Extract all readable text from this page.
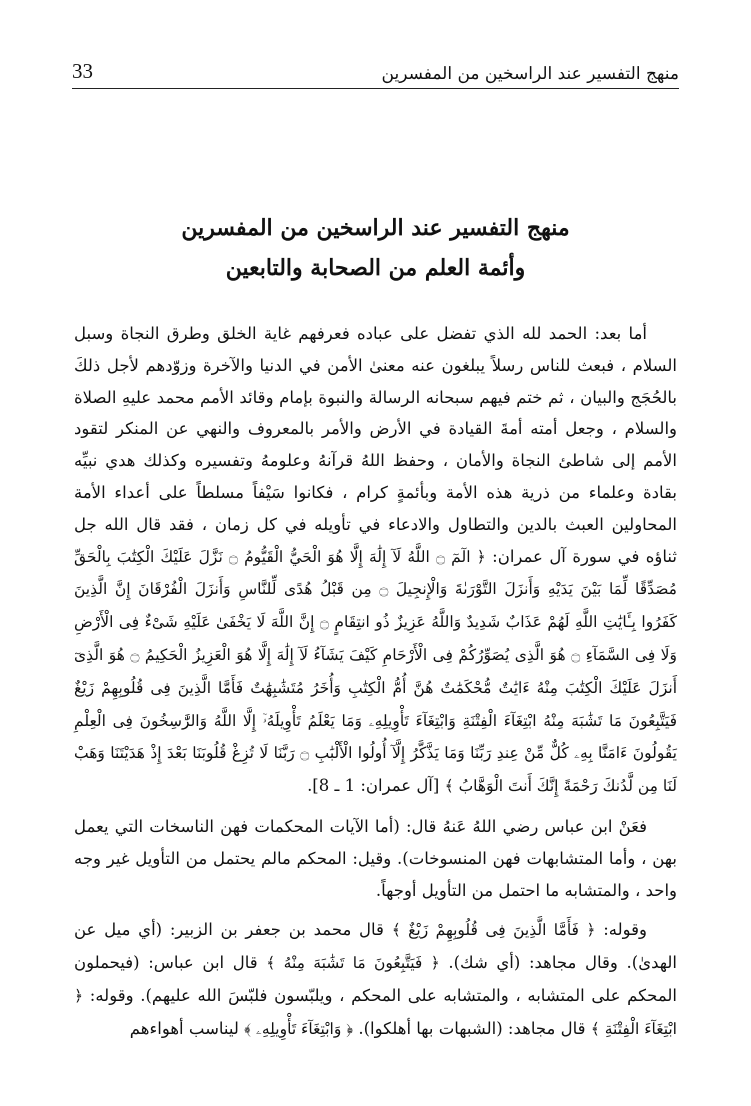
33	منهج التفسير عند الراسخين من المفسرين
منهج التفسير عند الراسخين من المفسرين
وأئمة العلم من الصحابة والتابعين

أما بعد: الحمد لله الذي تفضل على عباده فعرفهم غاية الخلق وطرق النجاة وسبل السلام ، فبعث للناس رسلاً يبلغون عنه معنىٰ الأمن في الدنيا والآخرة وزوّدهم لأجل ذلكَ بالحُجَج والبيان ، ثم ختم فيهم سبحانه الرسالة والنبوة بإمام وقائد الأمم محمد عليهِ الصلاة والسلام ، وجعل أمته أمةَ القيادة في الأرض والأمر بالمعروف والنهي عن المنكر لتقود الأمم إلى شاطئ النجاة والأمان ، وحفظ اللهُ قرآنهُ وعلومهُ وتفسيره وكذلك هدي نبيِّه بقادة وعلماء من ذرية هذه الأمة وبأئمةٍ كرام ، فكانوا سَيْفاً مسلطاً على أعداء الأمة المحاولين العبث بالدين والتطاول والادعاء في تأويله في كل زمان ، فقد قال الله جل ثناؤه في سورة آل عمران: ﴿ الٓمٓ ۝ اللَّهُ لَآ إِلَٰهَ إِلَّا هُوَ الْحَيُّ الْقَيُّومُ ۝ نَزَّلَ عَلَيْكَ الْكِتَٰبَ بِالْحَقِّ مُصَدِّقًا لِّمَا بَيْنَ يَدَيْهِ وَأَنزَلَ التَّوْرَىٰةَ وَالْإِنجِيلَ ۝ مِن قَبْلُ هُدًى لِّلنَّاسِ وَأَنزَلَ الْفُرْقَانَ إِنَّ الَّذِينَ كَفَرُوا بِـَٔايَٰتِ اللَّهِ لَهُمْ عَذَابٌ شَدِيدٌ وَاللَّهُ عَزِيزٌ ذُو انتِقَامٍ ۝ إِنَّ اللَّهَ لَا يَخْفَىٰ عَلَيْهِ شَىْءٌ فِى الْأَرْضِ وَلَا فِى السَّمَآءِ ۝ هُوَ الَّذِى يُصَوِّرُكُمْ فِى الْأَرْحَامِ كَيْفَ يَشَآءُ لَآ إِلَٰهَ إِلَّا هُوَ الْعَزِيزُ الْحَكِيمُ ۝ هُوَ الَّذِىٓ أَنزَلَ عَلَيْكَ الْكِتَٰبَ مِنْهُ ءَايَٰتٌ مُّحْكَمَٰتٌ هُنَّ أُمُّ الْكِتَٰبِ وَأُخَرُ مُتَشَٰبِهَٰتٌ فَأَمَّا الَّذِينَ فِى قُلُوبِهِمْ زَيْغٌ فَيَتَّبِعُونَ مَا تَشَٰبَهَ مِنْهُ ابْتِغَآءَ الْفِتْنَةِ وَابْتِغَآءَ تَأْوِيلِهِۦ وَمَا يَعْلَمُ تَأْوِيلَهُۥٓ إِلَّا اللَّهُ وَالرَّٰسِخُونَ فِى الْعِلْمِ يَقُولُونَ ءَامَنَّا بِهِۦ كُلٌّ مِّنْ عِندِ رَبِّنَا وَمَا يَذَّكَّرُ إِلَّآ أُولُوا الْأَلْبَٰبِ ۝ رَبَّنَا لَا تُزِغْ قُلُوبَنَا بَعْدَ إِذْ هَدَيْتَنَا وَهَبْ لَنَا مِن لَّدُنكَ رَحْمَةً إِنَّكَ أَنتَ الْوَهَّابُ ﴾ [آل عمران: 1 ـ 8].

فعَنْ ابن عباس رضي اللهُ عَنهُ قال: (أما الآيات المحكمات فهن الناسخات التي يعمل بهن ، وأما المتشابهات فهن المنسوخات). وقيل: المحكم مالم يحتمل من التأويل غير وجه واحد ، والمتشابه ما احتمل من التأويل أوجهاً.

وقوله: ﴿ فَأَمَّا الَّذِينَ فِى قُلُوبِهِمْ زَيْغٌ ﴾ قال محمد بن جعفر بن الزبير: (أي ميل عن الهدىٰ). وقال مجاهد: (أي شك). ﴿ فَيَتَّبِعُونَ مَا تَشَٰبَهَ مِنْهُ ﴾ قال ابن عباس: (فيحملون المحكم على المتشابه ، والمتشابه على المحكم ، ويلبّسون فلبّسَ الله عليهم). وقوله: ﴿ ابْتِغَآءَ الْفِتْنَةِ ﴾ قال مجاهد: (الشبهات بها أهلكوا). ﴿ وَابْتِغَآءَ تَأْوِيلِهِۦ ﴾ ليناسب أهواءهم
